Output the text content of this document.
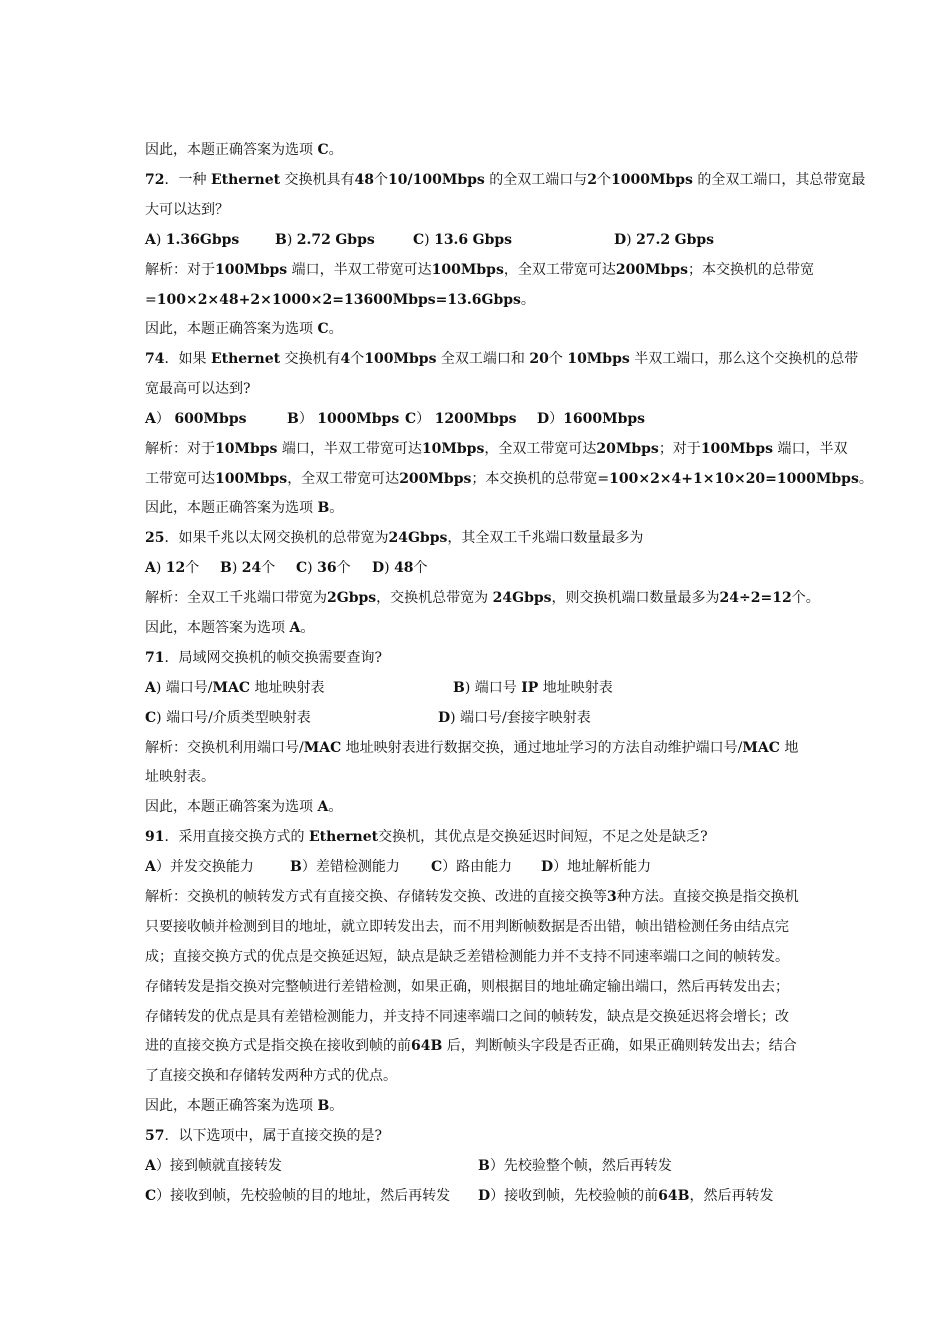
因此，本题正确答案为选项 C。
72．一种 Ethernet 交换机具有48个10/100Mbps 的全双工端口与2个1000Mbps 的全双工端口，其总带宽最
大可以达到？
A) 1.36Gbps	B) 2.72 Gbps	C) 13.6 Gbps	D) 27.2 Gbps
解析：对于100Mbps 端口，半双工带宽可达100Mbps，全双工带宽可达200Mbps；本交换机的总带宽
=100×2×48+2×1000×2=13600Mbps=13.6Gbps。
因此，本题正确答案为选项 C。
74．如果 Ethernet 交换机有4个100Mbps 全双工端口和 20个 10Mbps 半双工端口，那么这个交换机的总带
宽最高可以达到?
A） 600Mbps	B） 1000Mbps C） 1200Mbps D）1600Mbps
解析：对于10Mbps 端口，半双工带宽可达10Mbps，全双工带宽可达20Mbps；对于100Mbps 端口，半双
工带宽可达100Mbps，全双工带宽可达200Mbps；本交换机的总带宽=100×2×4+1×10×20=1000Mbps。
因此，本题正确答案为选项 B。
25．如果千兆以太网交换机的总带宽为24Gbps，其全双工千兆端口数量最多为
A) 12个 B) 24个 C) 36个 D) 48个
解析：全双工千兆端口带宽为2Gbps，交换机总带宽为 24Gbps，则交换机端口数量最多为24÷2=12个。
因此，本题答案为选项 A。
71．局域网交换机的帧交换需要查询?
A) 端口号/MAC 地址映射表	B) 端口号 IP 地址映射表
C) 端口号/介质类型映射表	D) 端口号/套接字映射表
解析：交换机利用端口号/MAC 地址映射表进行数据交换，通过地址学习的方法自动维护端口号/MAC 地
址映射表。
因此，本题正确答案为选项 A。
91．采用直接交换方式的 Ethernet交换机，其优点是交换延迟时间短，不足之处是缺乏?
A）并发交换能力	B）差错检测能力 C）路由能力 D）地址解析能力
解析：交换机的帧转发方式有直接交换、存储转发交换、改进的直接交换等3种方法。直接交换是指交换机
只要接收帧并检测到目的地址，就立即转发出去，而不用判断帧数据是否出错，帧出错检测任务由结点完
成；直接交换方式的优点是交换延迟短，缺点是缺乏差错检测能力并不支持不同速率端口之间的帧转发。
存储转发是指交换对完整帧进行差错检测，如果正确，则根据目的地址确定输出端口，然后再转发出去；
存储转发的优点是具有差错检测能力，并支持不同速率端口之间的帧转发，缺点是交换延迟将会增长；改
进的直接交换方式是指交换在接收到帧的前64B 后，判断帧头字段是否正确，如果正确则转发出去；结合
了直接交换和存储转发两种方式的优点。
因此，本题正确答案为选项 B。
57．以下选项中，属于直接交换的是?
A）接到帧就直接转发	B）先校验整个帧，然后再转发
C）接收到帧，先校验帧的目的地址，然后再转发 D）接收到帧，先校验帧的前64B，然后再转发
